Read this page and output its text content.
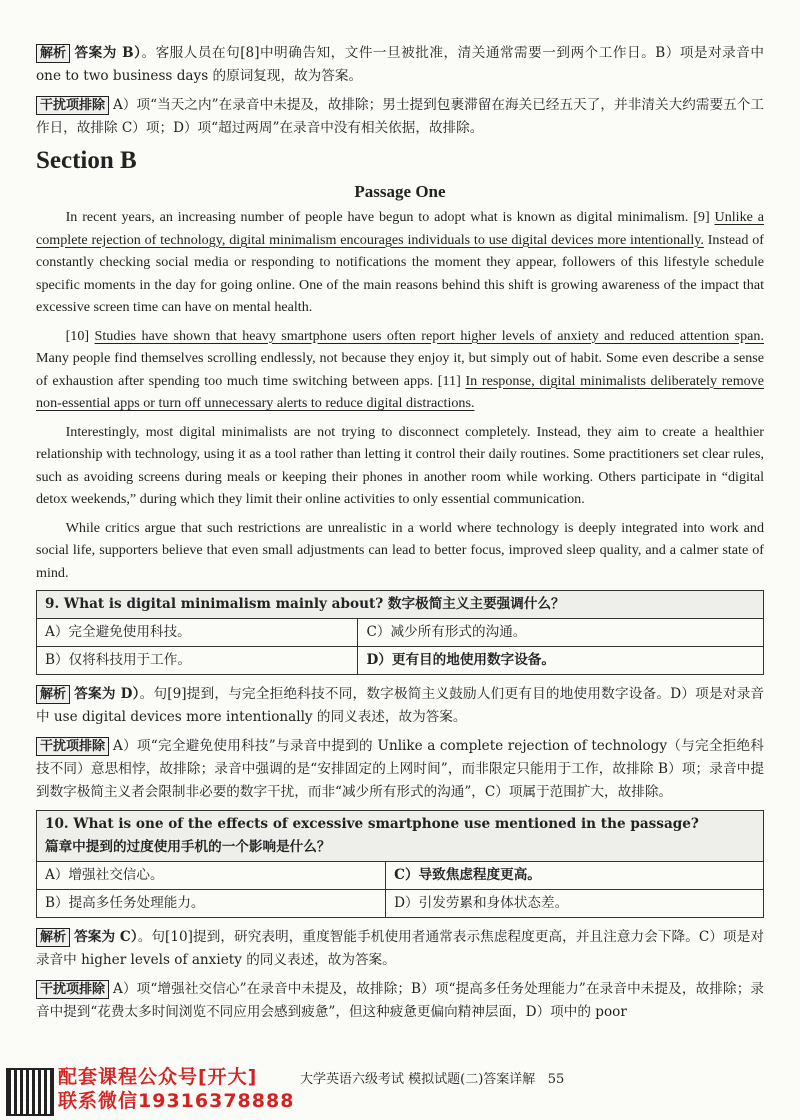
解析 答案为 B）。客服人员在句[8]中明确告知，文件一旦被批准，清关通常需要一到两个工作日。B）项是对录音中 one to two business days 的原词复现，故为答案。

干扰项排除 A）项“当天之内”在录音中未提及，故排除；男士提到包裹滞留在海关已经五天了，并非清关大约需要五个工作日，故排除 C）项；D）项“超过两周”在录音中没有相关依据，故排除。

Section B
Passage One

In recent years, an increasing number of people have begun to adopt what is known as digital minimalism. [9] Unlike a complete rejection of technology, digital minimalism encourages individuals to use digital devices more intentionally. Instead of constantly checking social media or responding to notifications the moment they appear, followers of this lifestyle schedule specific moments in the day for going online. One of the main reasons behind this shift is growing awareness of the impact that excessive screen time can have on mental health.

[10] Studies have shown that heavy smartphone users often report higher levels of anxiety and reduced attention span. Many people find themselves scrolling endlessly, not because they enjoy it, but simply out of habit. Some even describe a sense of exhaustion after spending too much time switching between apps. [11] In response, digital minimalists deliberately remove non-essential apps or turn off unnecessary alerts to reduce digital distractions.

Interestingly, most digital minimalists are not trying to disconnect completely. Instead, they aim to create a healthier relationship with technology, using it as a tool rather than letting it control their daily routines. Some practitioners set clear rules, such as avoiding screens during meals or keeping their phones in another room while working. Others participate in “digital detox weekends,” during which they limit their online activities to only essential communication.

While critics argue that such restrictions are unrealistic in a world where technology is deeply integrated into work and social life, supporters believe that even small adjustments can lead to better focus, improved sleep quality, and a calmer state of mind.

9. What is digital minimalism mainly about? 数字极简主义主要强调什么？	
A）完全避免使用科技。	C）减少所有形式的沟通。
B）仅将科技用于工作。	D）更有目的地使用数字设备。

解析 答案为 D）。句[9]提到，与完全拒绝科技不同，数字极简主义鼓励人们更有目的地使用数字设备。D）项是对录音中 use digital devices more intentionally 的同义表述，故为答案。

干扰项排除 A）项“完全避免使用科技”与录音中提到的 Unlike a complete rejection of technology（与完全拒绝科技不同）意思相悖，故排除；录音中强调的是“安排固定的上网时间”，而非限定只能用于工作，故排除 B）项；录音中提到数字极简主义者会限制非必要的数字干扰，而非“减少所有形式的沟通”，C）项属于范围扩大，故排除。

10. What is one of the effects of excessive smartphone use mentioned in the passage?
篇章中提到的过度使用手机的一个影响是什么？	

A）增强社交信心。	C）导致焦虑程度更高。
B）提高多任务处理能力。	D）引发劳累和身体状态差。

解析 答案为 C）。句[10]提到，研究表明，重度智能手机使用者通常表示焦虑程度更高，并且注意力会下降。C）项是对录音中 higher levels of anxiety 的同义表述，故为答案。

干扰项排除 A）项“增强社交信心”在录音中未提及，故排除；B）项“提高多任务处理能力”在录音中未提及，故排除；录音中提到“花费太多时间浏览不同应用会感到疲惫”，但这种疲惫更偏向精神层面，D）项中的 poor

配套课程公众号[开大]
联系微信19316378888
大学英语六级考试 模拟试题(二)答案详解 55
